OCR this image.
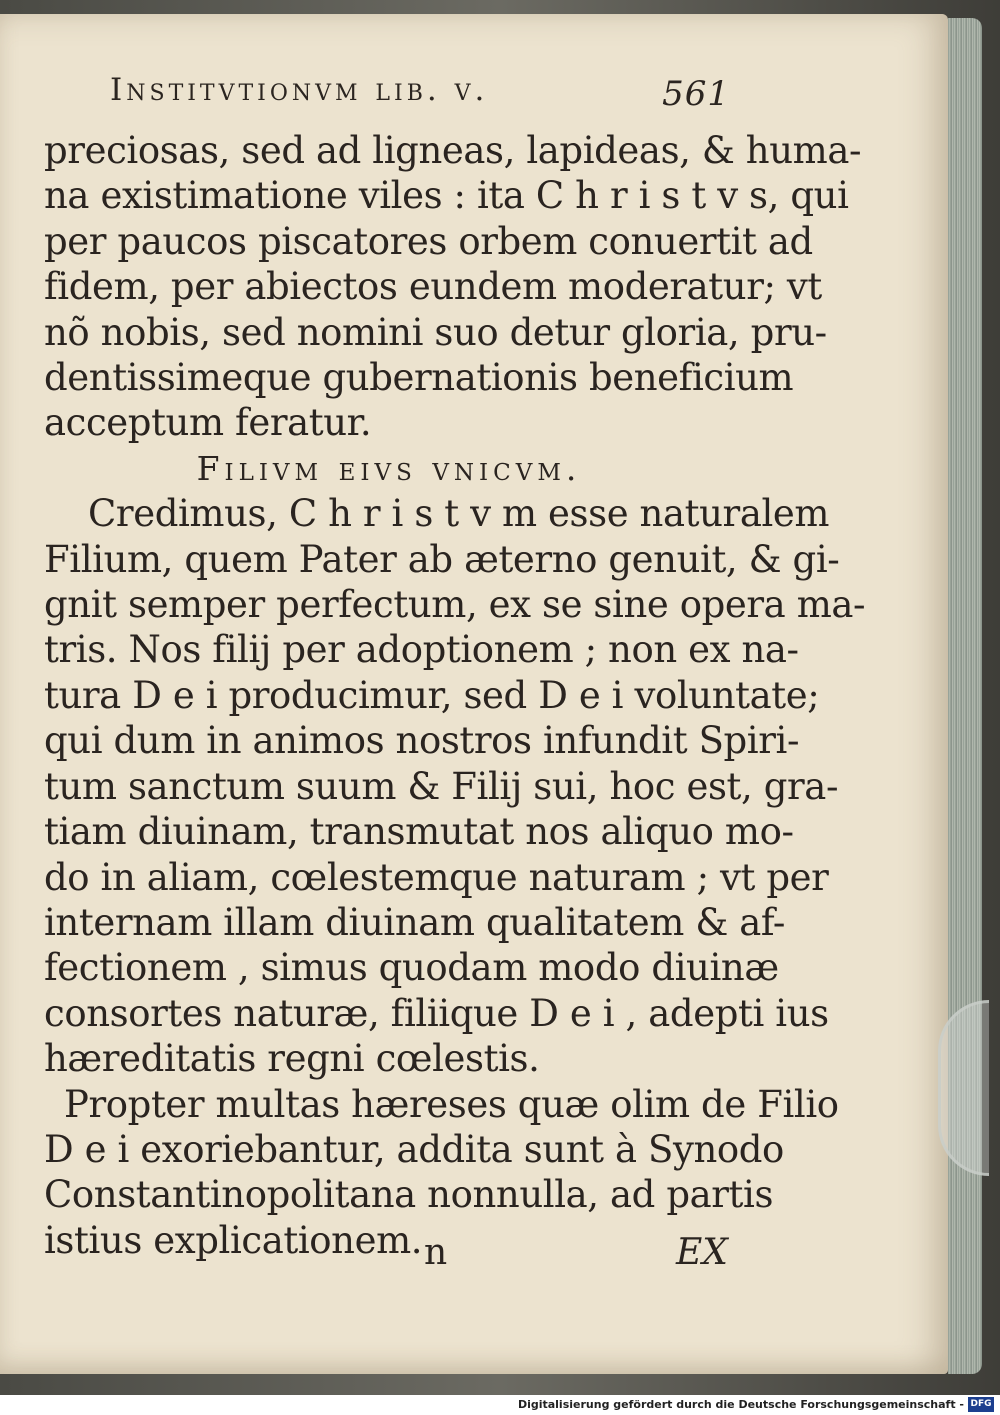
Institvtionvm lib. v.	561
preciosas, sed ad ligneas, lapideas, & huma-
na existimatione viles : ita C h r i s t v s, qui
per paucos piscatores orbem conuertit ad
fidem, per abiectos eundem moderatur; vt
nõ nobis, sed nomini suo detur gloria, pru-
dentissimeque gubernationis beneficium
acceptum feratur.
Filivm eivs vnicvm.
Credimus, C h r i s t v m esse naturalem
Filium, quem Pater ab æterno genuit, & gi-
gnit semper perfectum, ex se sine opera ma-
tris. Nos filij per adoptionem ; non ex na-
tura D e i producimur, sed D e i voluntate;
qui dum in animos nostros infundit Spiri-
tum sanctum suum & Filij sui, hoc est, gra-
tiam diuinam, transmutat nos aliquo mo-
do in aliam, cœlestemque naturam ; vt per
internam illam diuinam qualitatem & af-
fectionem , simus quodam modo diuinæ
consortes naturæ, filiique D e i , adepti ius
hæreditatis regni cœlestis.
Propter multas hæreses quæ olim de Filio
D e i exoriebantur, addita sunt à Synodo
Constantinopolitana nonnulla, ad partis
istius explicationem. n	EX
Digitalisierung gefördert durch die Deutsche Forschungsgemeinschaft - DFG
